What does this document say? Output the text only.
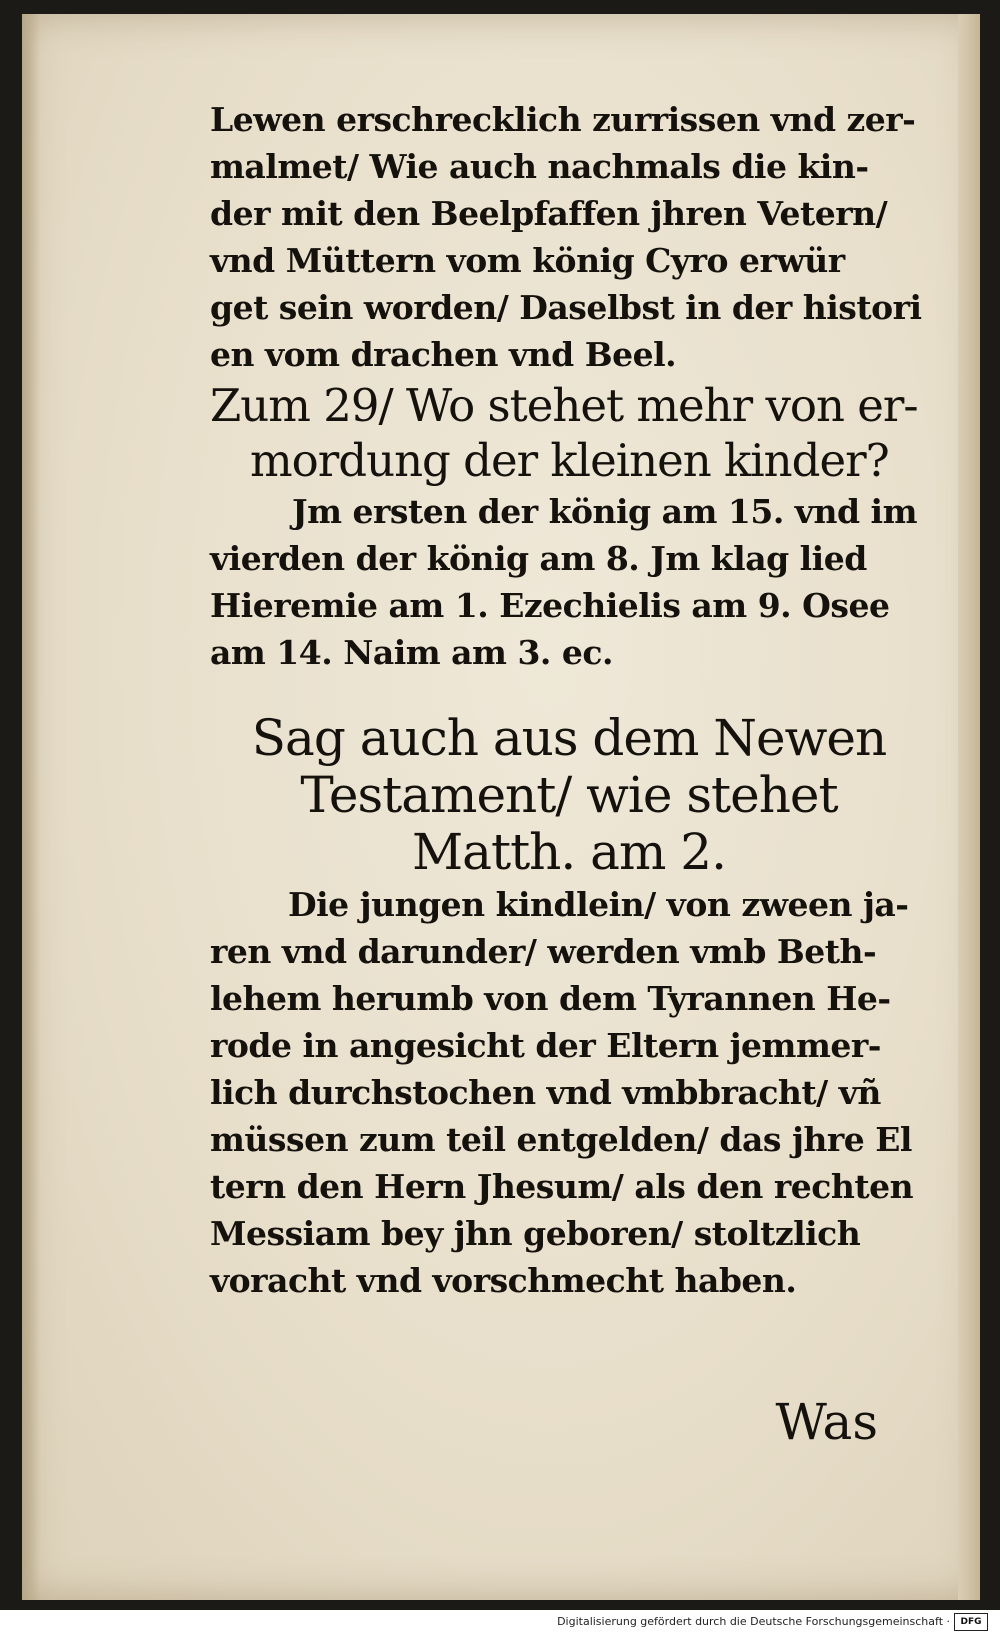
Lewen erschrecklich zurrissen vnd zer-
malmet/ Wie auch nachmals die kin-
der mit den Beelpfaffen jhren Vetern/
vnd Müttern vom könig Cyro erwür
get sein worden/ Daselbst in der histori
en vom drachen vnd Beel.
Zum 29/ Wo stehet mehr von er-
mordung der kleinen kinder?
Jm ersten der könig am 15. vnd im
vierden der könig am 8. Jm klag lied
Hieremie am 1. Ezechielis am 9. Osee
am 14. Naim am 3. ec.
Sag auch aus dem Newen
Testament/ wie stehet
Matth. am 2.
Die jungen kindlein/ von zween ja-
ren vnd darunder/ werden vmb Beth-
lehem herumb von dem Tyrannen He-
rode in angesicht der Eltern jemmer-
lich durchstochen vnd vmbbracht/ vñ
müssen zum teil entgelden/ das jhre El
tern den Hern Jhesum/ als den rechten
Messiam bey jhn geboren/ stoltzlich
voracht vnd vorschmecht haben.
Was
Digitalisierung gefördert durch die Deutsche Forschungsgemeinschaft ·	DFG
